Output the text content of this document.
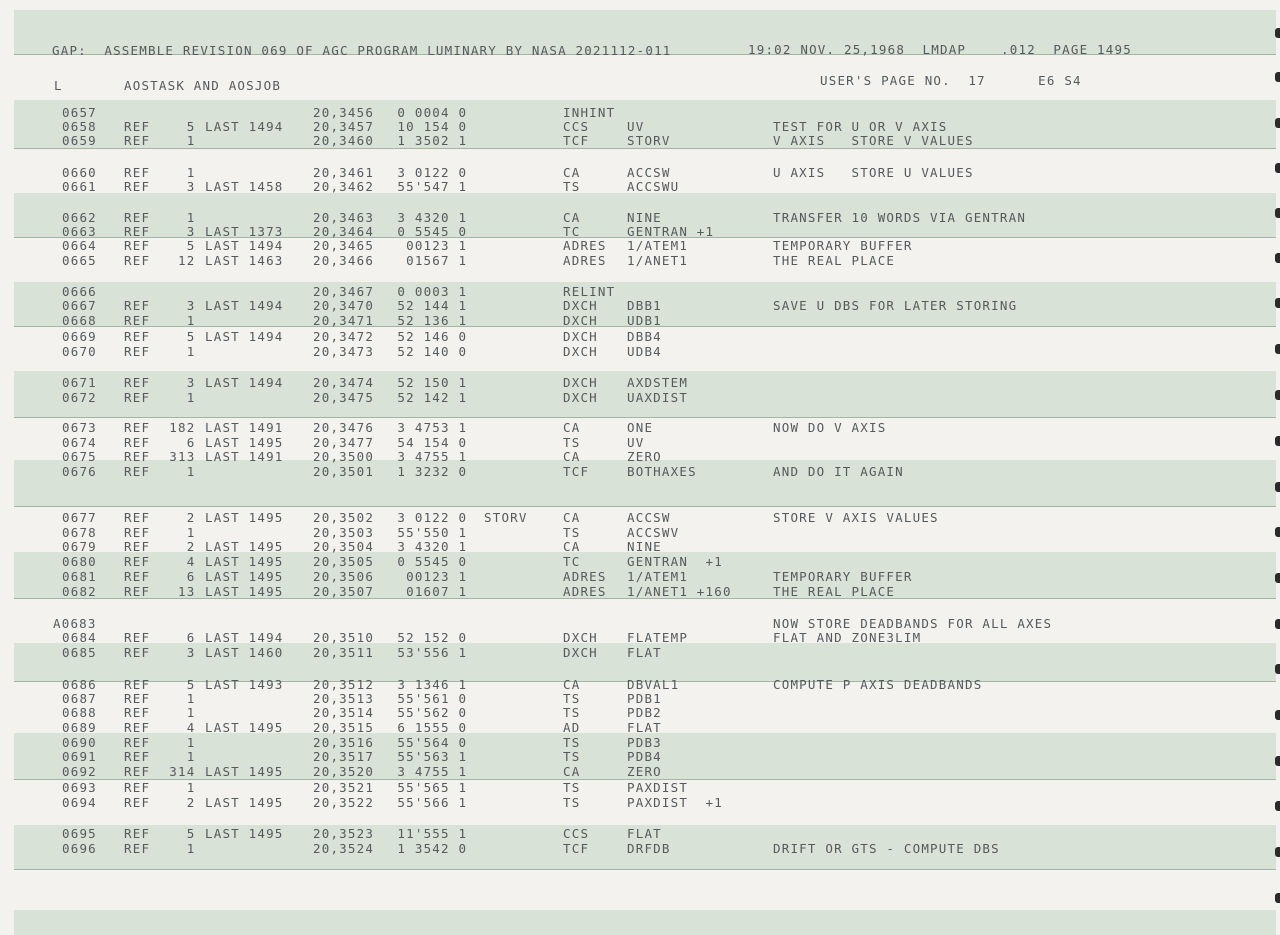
GAP:  ASSEMBLE REVISION 069 OF AGC PROGRAM LUMINARY BY NASA 2021112-011	19:02 NOV. 25,1968  LMDAP    .012  PAGE 1495
L	AOSTASK AND AOSJOB	USER'S PAGE NO.  17      E6 S4
0657	20,3456 0 0004 0	INHINT
0658 REF	5 LAST 1494 20,3457 10 154 0	CCS	UV	TEST FOR U OR V AXIS
0659 REF	1	20,3460 1 3502 1	TCF	STORV	V AXIS   STORE V VALUES
0660 REF	1	20,3461 3 0122 0	CA	ACCSW	U AXIS   STORE U VALUES
0661 REF	3 LAST 1458 20,3462 55'547 1	TS	ACCSWU
0662 REF	1	20,3463 3 4320 1	CA	NINE	TRANSFER 10 WORDS VIA GENTRAN
0663 REF	3 LAST 1373 20,3464 0 5545 0	TC	GENTRAN +1
0664 REF	5 LAST 1494 20,3465	00123 1	ADRES 1/ATEM1	TEMPORARY BUFFER
0665 REF 12 LAST 1463 20,3466	01567 1	ADRES 1/ANET1	THE REAL PLACE
0666	20,3467 0 0003 1	RELINT
0667 REF	3 LAST 1494 20,3470 52 144 1	DXCH DBB1	SAVE U DBS FOR LATER STORING
0668 REF	1	20,3471 52 136 1	DXCH UDB1
0669 REF	5 LAST 1494 20,3472 52 146 0	DXCH DBB4
0670 REF	1	20,3473 52 140 0	DXCH UDB4
0671 REF	3 LAST 1494 20,3474 52 150 1	DXCH AXDSTEM
0672 REF	1	20,3475 52 142 1	DXCH UAXDIST
0673 REF 182 LAST 1491 20,3476 3 4753 1	CA	ONE	NOW DO V AXIS
0674 REF	6 LAST 1495 20,3477 54 154 0	TS	UV
0675 REF 313 LAST 1491 20,3500 3 4755 1	CA	ZERO
0676 REF	1	20,3501 1 3232 0	TCF	BOTHAXES	AND DO IT AGAIN
0677 REF	2 LAST 1495 20,3502 3 0122 0 STORV	CA	ACCSW	STORE V AXIS VALUES
0678 REF	1	20,3503 55'550 1	TS	ACCSWV
0679 REF	2 LAST 1495 20,3504 3 4320 1	CA	NINE
0680 REF	4 LAST 1495 20,3505 0 5545 0	TC	GENTRAN  +1
0681 REF	6 LAST 1495 20,3506	00123 1	ADRES 1/ATEM1	TEMPORARY BUFFER
0682 REF 13 LAST 1495 20,3507	01607 1	ADRES 1/ANET1 +160	THE REAL PLACE
A0683	NOW STORE DEADBANDS FOR ALL AXES
0684 REF	6 LAST 1494 20,3510 52 152 0	DXCH FLATEMP	FLAT AND ZONE3LIM
0685 REF	3 LAST 1460 20,3511 53'556 1	DXCH FLAT
0686 REF	5 LAST 1493 20,3512 3 1346 1	CA	DBVAL1	COMPUTE P AXIS DEADBANDS
0687 REF	1	20,3513 55'561 0	TS	PDB1
0688 REF	1	20,3514 55'562 0	TS	PDB2
0689 REF	4 LAST 1495 20,3515 6 1555 0	AD	FLAT
0690 REF	1	20,3516 55'564 0	TS	PDB3
0691 REF	1	20,3517 55'563 1	TS	PDB4
0692 REF 314 LAST 1495 20,3520 3 4755 1	CA	ZERO
0693 REF	1	20,3521 55'565 1	TS	PAXDIST
0694 REF	2 LAST 1495 20,3522 55'566 1	TS	PAXDIST  +1
0695 REF	5 LAST 1495 20,3523 11'555 1	CCS	FLAT
0696 REF	1	20,3524 1 3542 0	TCF	DRFDB	DRIFT OR GTS - COMPUTE DBS
